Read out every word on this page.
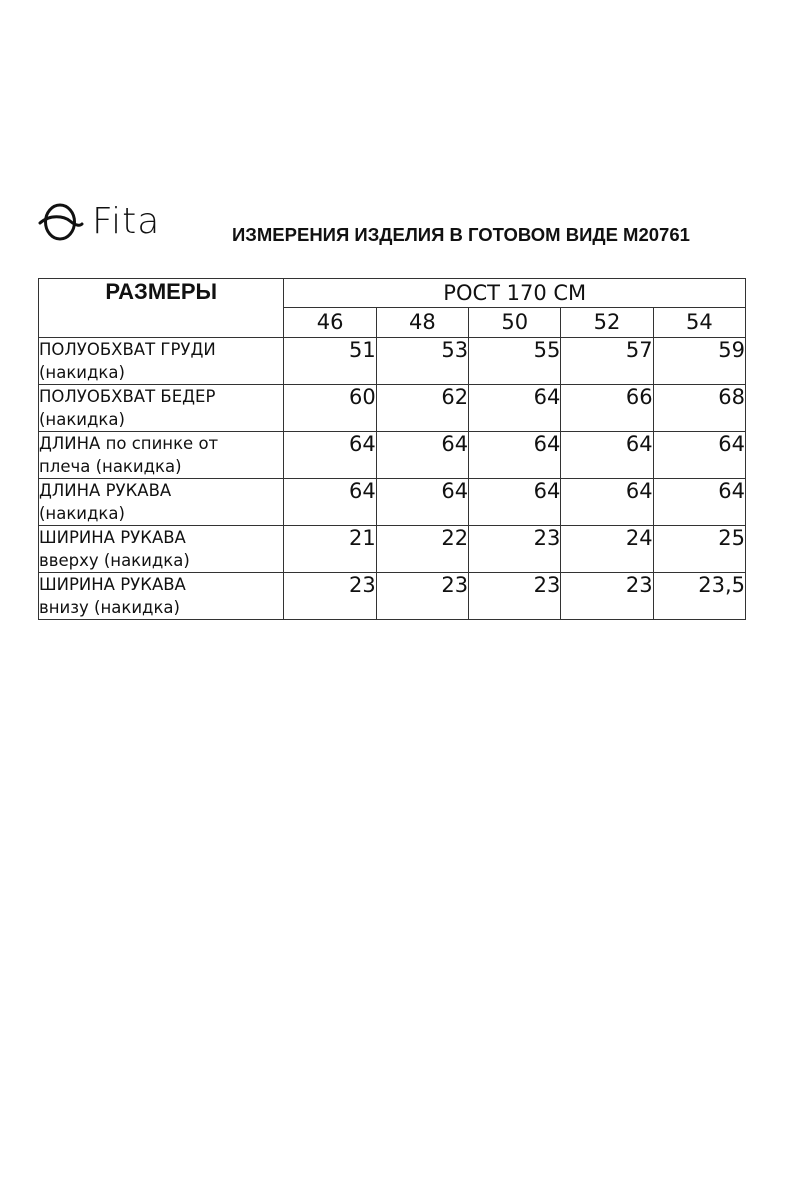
Fita	ИЗМЕРЕНИЯ ИЗДЕЛИЯ В ГОТОВОМ ВИДЕ М20761
РАЗМЕРЫ	РОСТ 170 СМ				
	46	48	50	52	54
ПОЛУОБХВАТ ГРУДИ
(накидка)	51	53	55	57	59
ПОЛУОБХВАТ БЕДЕР
(накидка)	60	62	64	66	68
ДЛИНА по спинке от
плеча (накидка)	64	64	64	64	64
ДЛИНА РУКАВА
(накидка)	64	64	64	64	64
ШИРИНА РУКАВА
вверху (накидка)	21	22	23	24	25
ШИРИНА РУКАВА
внизу (накидка)	23	23	23	23	23,5
